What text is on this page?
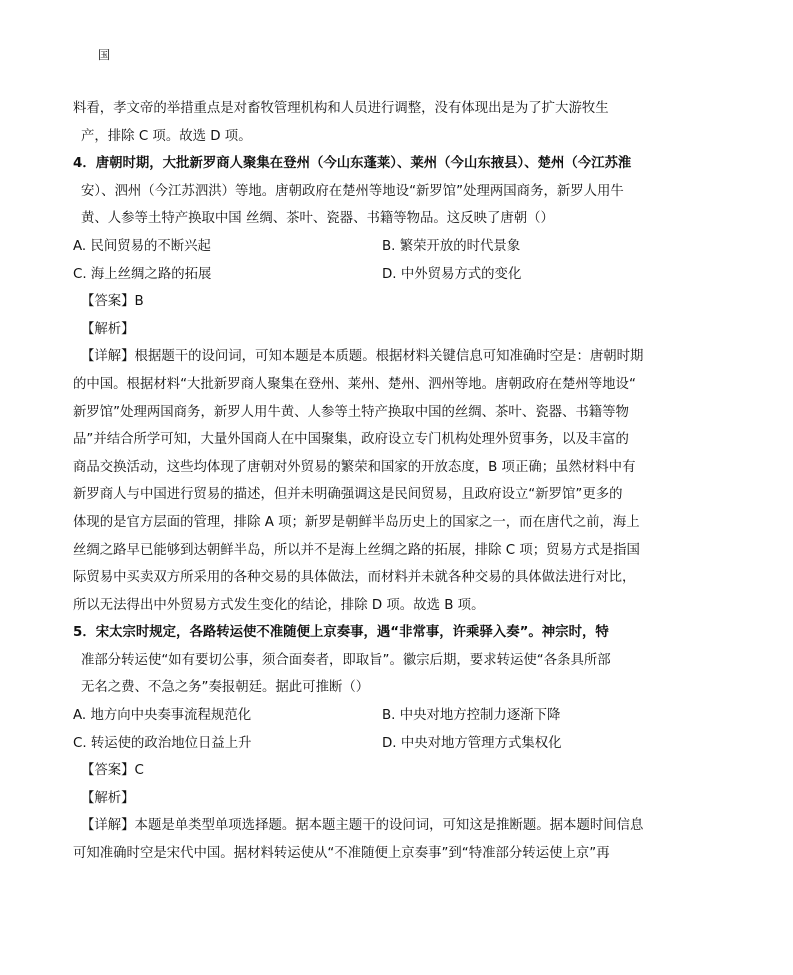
国
料看，孝文帝的举措重点是对畜牧管理机构和人员进行调整，没有体现出是为了扩大游牧生
产，排除 C 项。故选 D 项。
4．唐朝时期，大批新罗商人聚集在登州（今山东蓬莱）、莱州（今山东掖县）、楚州（今江苏淮
安）、泗州（今江苏泗洪）等地。唐朝政府在楚州等地设“新罗馆”处理两国商务，新罗人用牛
黄、人参等土特产换取中国 丝绸、茶叶、瓷器、书籍等物品。这反映了唐朝（）
A. 民间贸易的不断兴起	B. 繁荣开放的时代景象
C. 海上丝绸之路的拓展	D. 中外贸易方式的变化
【答案】B
【解析】
【详解】根据题干的设问词，可知本题是本质题。根据材料关键信息可知准确时空是：唐朝时期
的中国。根据材料“大批新罗商人聚集在登州、莱州、楚州、泗州等地。唐朝政府在楚州等地设“
新罗馆”处理两国商务，新罗人用牛黄、人参等土特产换取中国的丝绸、茶叶、瓷器、书籍等物
品”并结合所学可知，大量外国商人在中国聚集，政府设立专门机构处理外贸事务，以及丰富的
商品交换活动，这些均体现了唐朝对外贸易的繁荣和国家的开放态度，B 项正确；虽然材料中有
新罗商人与中国进行贸易的描述，但并未明确强调这是民间贸易，且政府设立“新罗馆”更多的
体现的是官方层面的管理，排除 A 项；新罗是朝鲜半岛历史上的国家之一，而在唐代之前，海上
丝绸之路早已能够到达朝鲜半岛，所以并不是海上丝绸之路的拓展，排除 C 项；贸易方式是指国
际贸易中买卖双方所采用的各种交易的具体做法，而材料并未就各种交易的具体做法进行对比，
所以无法得出中外贸易方式发生变化的结论，排除 D 项。故选 B 项。
5．宋太宗时规定，各路转运使不准随便上京奏事，遇“非常事，许乘驿入奏”。神宗时，特
准部分转运使“如有要切公事，须合面奏者，即取旨”。徽宗后期，要求转运使“各条具所部
无名之费、不急之务”奏报朝廷。据此可推断（）
A. 地方向中央奏事流程规范化	B. 中央对地方控制力逐渐下降
C. 转运使的政治地位日益上升	D. 中央对地方管理方式集权化
【答案】C
【解析】
【详解】本题是单类型单项选择题。据本题主题干的设问词，可知这是推断题。据本题时间信息
可知准确时空是宋代中国。据材料转运使从“不准随便上京奏事”到“特准部分转运使上京”再
